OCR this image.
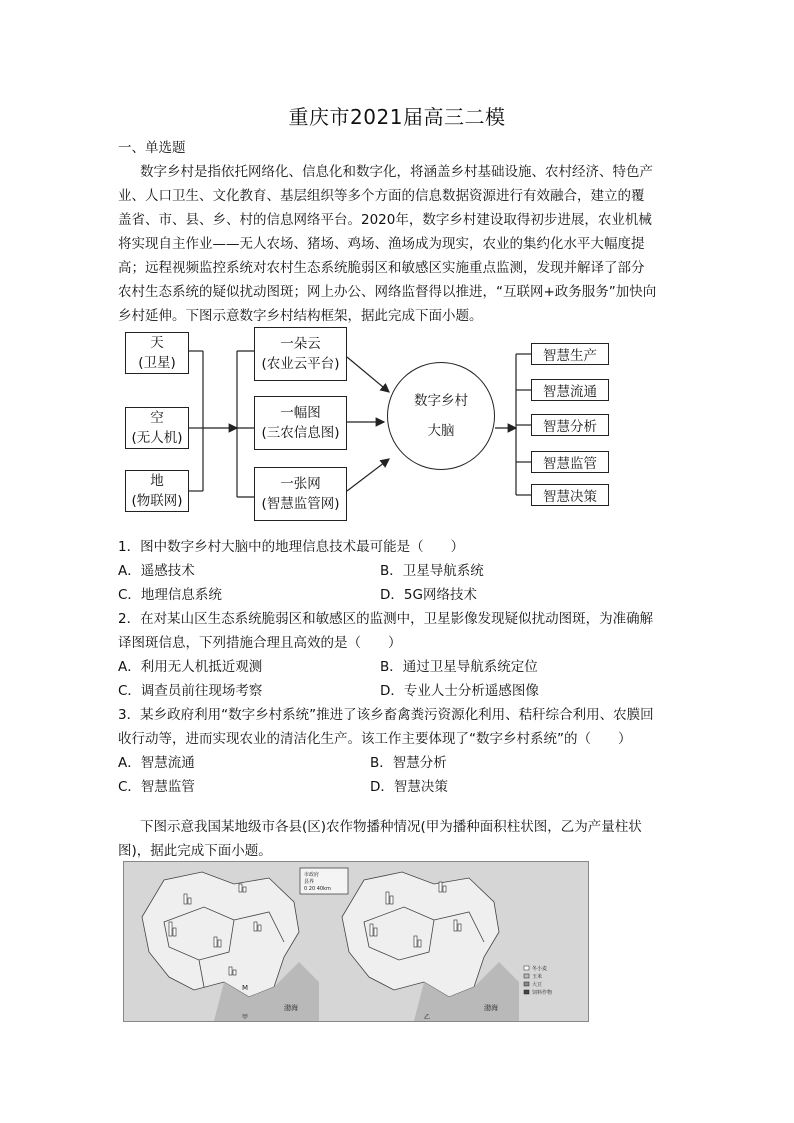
重庆市2021届高三二模
一、单选题
数字乡村是指依托网络化、信息化和数字化，将涵盖乡村基础设施、农村经济、特色产
业、人口卫生、文化教育、基层组织等多个方面的信息数据资源进行有效融合，建立的覆
盖省、市、县、乡、村的信息网络平台。2020年，数字乡村建设取得初步进展，农业机械
将实现自主作业——无人农场、猪场、鸡场、渔场成为现实，农业的集约化水平大幅度提
高；远程视频监控系统对农村生态系统脆弱区和敏感区实施重点监测，发现并解译了部分
农村生态系统的疑似扰动图斑；网上办公、网络监督得以推进，“互联网+政务服务”加快向
乡村延伸。下图示意数字乡村结构框架，据此完成下面小题。
天
(卫星)
空
(无人机)
地
(物联网)
一朵云
(农业云平台)
一幅图
(三农信息图)
一张网
(智慧监管网)
数字乡村
大脑
智慧生产
智慧流通
智慧分析
智慧监管
智慧决策
1．图中数字乡村大脑中的地理信息技术最可能是（　　）
A．遥感技术	B．卫星导航系统
C．地理信息系统	D．5G网络技术
2．在对某山区生态系统脆弱区和敏感区的监测中，卫星影像发现疑似扰动图斑，为准确解
译图斑信息，下列措施合理且高效的是（　　）
A．利用无人机抵近观测	B．通过卫星导航系统定位
C．调查员前往现场考察	D．专业人士分析遥感图像
3．某乡政府利用“数字乡村系统”推进了该乡畜禽粪污资源化利用、秸秆综合利用、农膜回
收行动等，进而实现农业的清洁化生产。该工作主要体现了“数字乡村系统”的（　　）
A．智慧流通	B．智慧分析
C．智慧监管	D．智慧决策
下图示意我国某地级市各县(区)农作物播种情况(甲为播种面积柱状图，乙为产量柱状
图)，据此完成下面小题。
渤海
M
市政府
县界
0 20 40km
渤海
冬小麦
玉米
大豆
饲料作物
甲	乙
